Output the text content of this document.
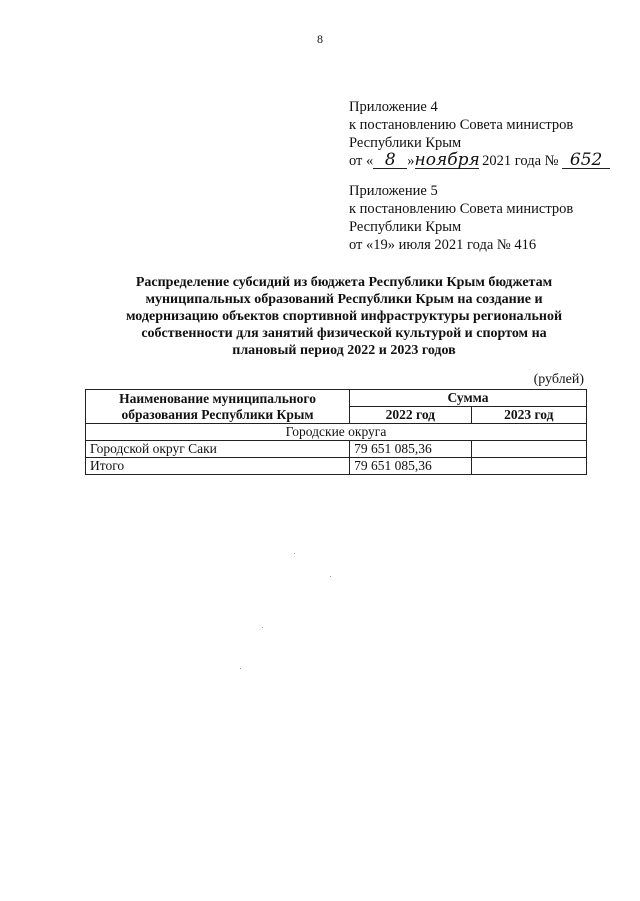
8
Приложение 4
к постановлению Совета министров
Республики Крым
от « 8 »ноября 2021 года № 652
Приложение 5
к постановлению Совета министров
Республики Крым
от «19» июля 2021 года № 416
Распределение субсидий из бюджета Республики Крым бюджетам
муниципальных образований Республики Крым на создание и
модернизацию объектов спортивной инфраструктуры региональной
собственности для занятий физической культурой и спортом на
плановый период 2022 и 2023 годов
(рублей)
Наименование муниципального
образования Республики Крым	Сумма	
	2022 год	2023 год
Городские округа		
Городской округ Саки	79 651 085,36	
Итого	79 651 085,36	
